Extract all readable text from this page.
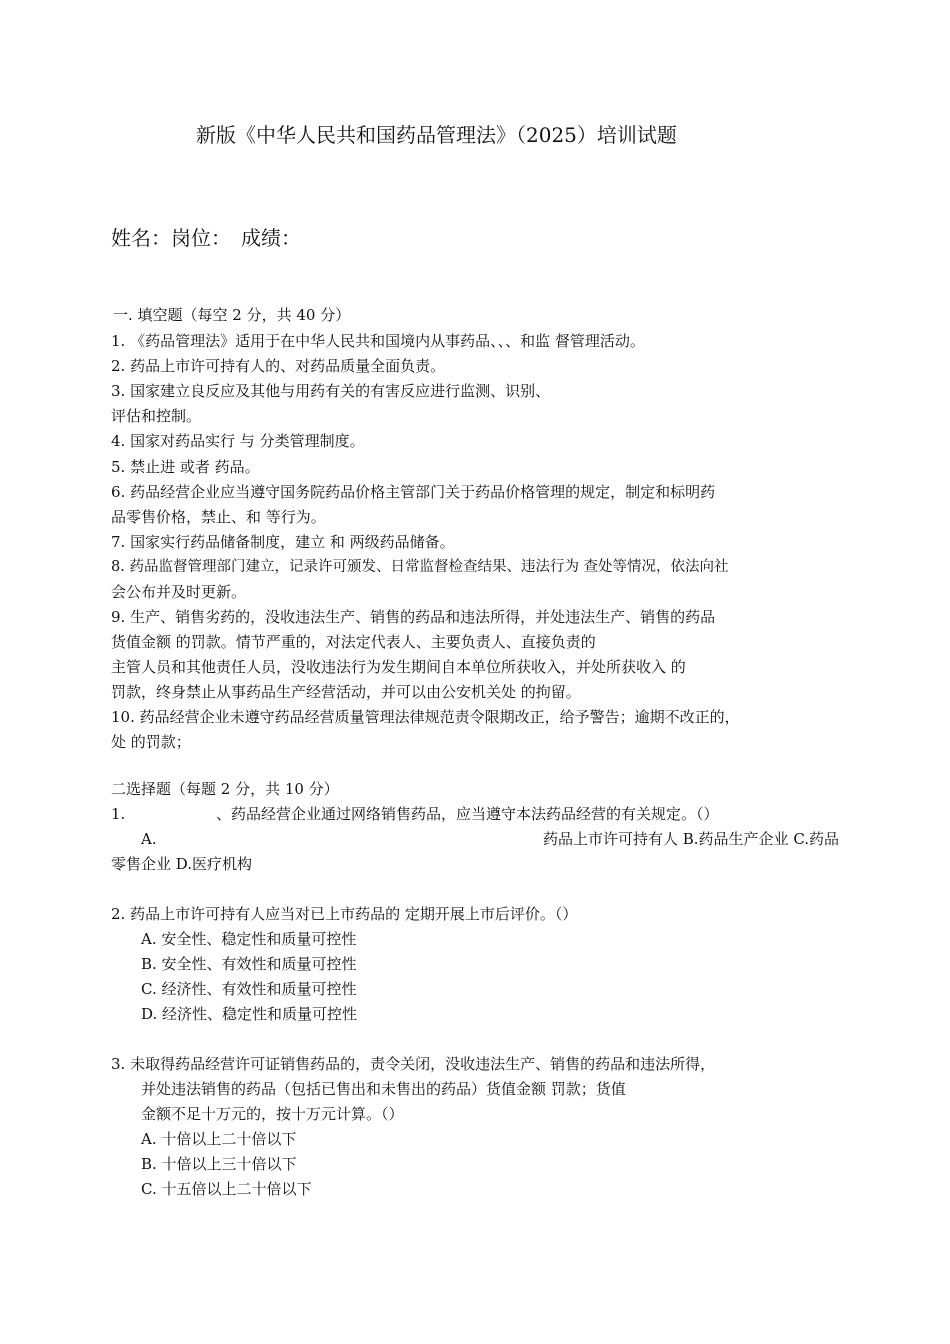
新版《中华人民共和国药品管理法》（2025）培训试题
姓名：岗位：　成绩：
一. 填空题（每空 2 分，共 40 分）
1. 《药品管理法》适用于在中华人民共和国境内从事药品、、、和监 督管理活动。
2. 药品上市许可持有人的、对药品质量全面负责。
3. 国家建立良反应及其他与用药有关的有害反应进行监测、识别、
评估和控制。
4. 国家对药品实行 与 分类管理制度。
5. 禁止进 或者 药品。
6. 药品经营企业应当遵守国务院药品价格主管部门关于药品价格管理的规定，制定和标明药
品零售价格，禁止、和 等行为。
7. 国家实行药品储备制度，建立 和 两级药品储备。
8. 药品监督管理部门建立，记录许可颁发、日常监督检查结果、违法行为 查处等情况，依法向社
会公布并及时更新。
9. 生产、销售劣药的，没收违法生产、销售的药品和违法所得，并处违法生产、销售的药品
货值金额 的罚款。情节严重的，对法定代表人、主要负责人、直接负责的
主管人员和其他责任人员，没收违法行为发生期间自本单位所获收入，并处所获收入 的
罚款，终身禁止从事药品生产经营活动，并可以由公安机关处 的拘留。
10. 药品经营企业未遵守药品经营质量管理法律规范责令限期改正，给予警告；逾期不改正的，
处 的罚款；
二选择题（每题 2 分，共 10 分）
1.	、药品经营企业通过网络销售药品，应当遵守本法药品经营的有关规定。（）
A.	药品上市许可持有人 B.药品生产企业 C.药品
零售企业 D.医疗机构
2. 药品上市许可持有人应当对已上市药品的 定期开展上市后评价。（）
A. 安全性、稳定性和质量可控性
B. 安全性、有效性和质量可控性
C. 经济性、有效性和质量可控性
D. 经济性、稳定性和质量可控性
3. 未取得药品经营许可证销售药品的，责令关闭，没收违法生产、销售的药品和违法所得，
并处违法销售的药品（包括已售出和未售出的药品）货值金额 罚款；货值
金额不足十万元的，按十万元计算。（）
A. 十倍以上二十倍以下
B. 十倍以上三十倍以下
C. 十五倍以上二十倍以下
